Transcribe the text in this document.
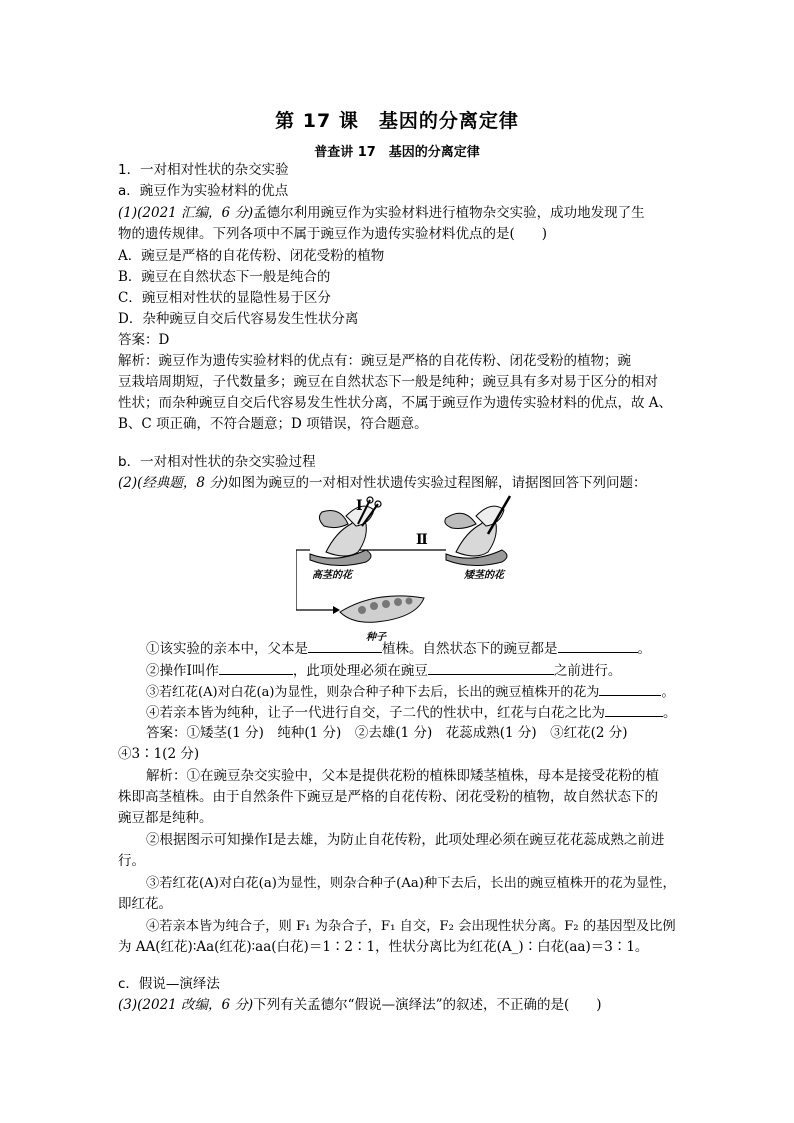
第 17 课　基因的分离定律
普查讲 17　基因的分离定律
1．一对相对性状的杂交实验
a．豌豆作为实验材料的优点
(1)(2021 汇编，6 分)孟德尔利用豌豆作为实验材料进行植物杂交实验，成功地发现了生
物的遗传规律。下列各项中不属于豌豆作为遗传实验材料优点的是(　　)
A．豌豆是严格的自花传粉、闭花受粉的植物
B．豌豆在自然状态下一般是纯合的
C．豌豆相对性状的显隐性易于区分
D．杂种豌豆自交后代容易发生性状分离
答案：D
解析：豌豆作为遗传实验材料的优点有：豌豆是严格的自花传粉、闭花受粉的植物；豌
豆栽培周期短，子代数量多；豌豆在自然状态下一般是纯种；豌豆具有多对易于区分的相对
性状；而杂种豌豆自交后代容易发生性状分离，不属于豌豆作为遗传实验材料的优点，故 A、
B、C 项正确，不符合题意；D 项错误，符合题意。
b．一对相对性状的杂交实验过程
(2)(经典题，8 分)如图为豌豆的一对相对性状遗传实验过程图解，请据图回答下列问题：
Ⅰ
Ⅱ
高茎的花	矮茎的花
种子
①该实验的亲本中，父本是	植株。自然状态下的豌豆都是	。
②操作Ⅰ叫作	，此项处理必须在豌豆	之前进行。
③若红花(A)对白花(a)为显性，则杂合种子种下去后，长出的豌豆植株开的花为	。
④若亲本皆为纯种，让子一代进行自交，子二代的性状中，红花与白花之比为	。
答案：①矮茎(1 分)　纯种(1 分)　②去雄(1 分)　花蕊成熟(1 分)　③红花(2 分)
④3∶1(2 分)
解析：①在豌豆杂交实验中，父本是提供花粉的植株即矮茎植株，母本是接受花粉的植
株即高茎植株。由于自然条件下豌豆是严格的自花传粉、闭花受粉的植物，故自然状态下的
豌豆都是纯种。
②根据图示可知操作Ⅰ是去雄，为防止自花传粉，此项处理必须在豌豆花花蕊成熟之前进
行。
③若红花(A)对白花(a)为显性，则杂合种子(Aa)种下去后，长出的豌豆植株开的花为显性，
即红花。
④若亲本皆为纯合子，则 F₁ 为杂合子，F₁ 自交，F₂ 会出现性状分离。F₂ 的基因型及比例
为 AA(红花)∶Aa(红花)∶aa(白花)＝1∶2∶1，性状分离比为红花(A_)∶白花(aa)＝3∶1。
c．假说—演绎法
(3)(2021 改编，6 分)下列有关孟德尔“假说—演绎法”的叙述，不正确的是(　　)
